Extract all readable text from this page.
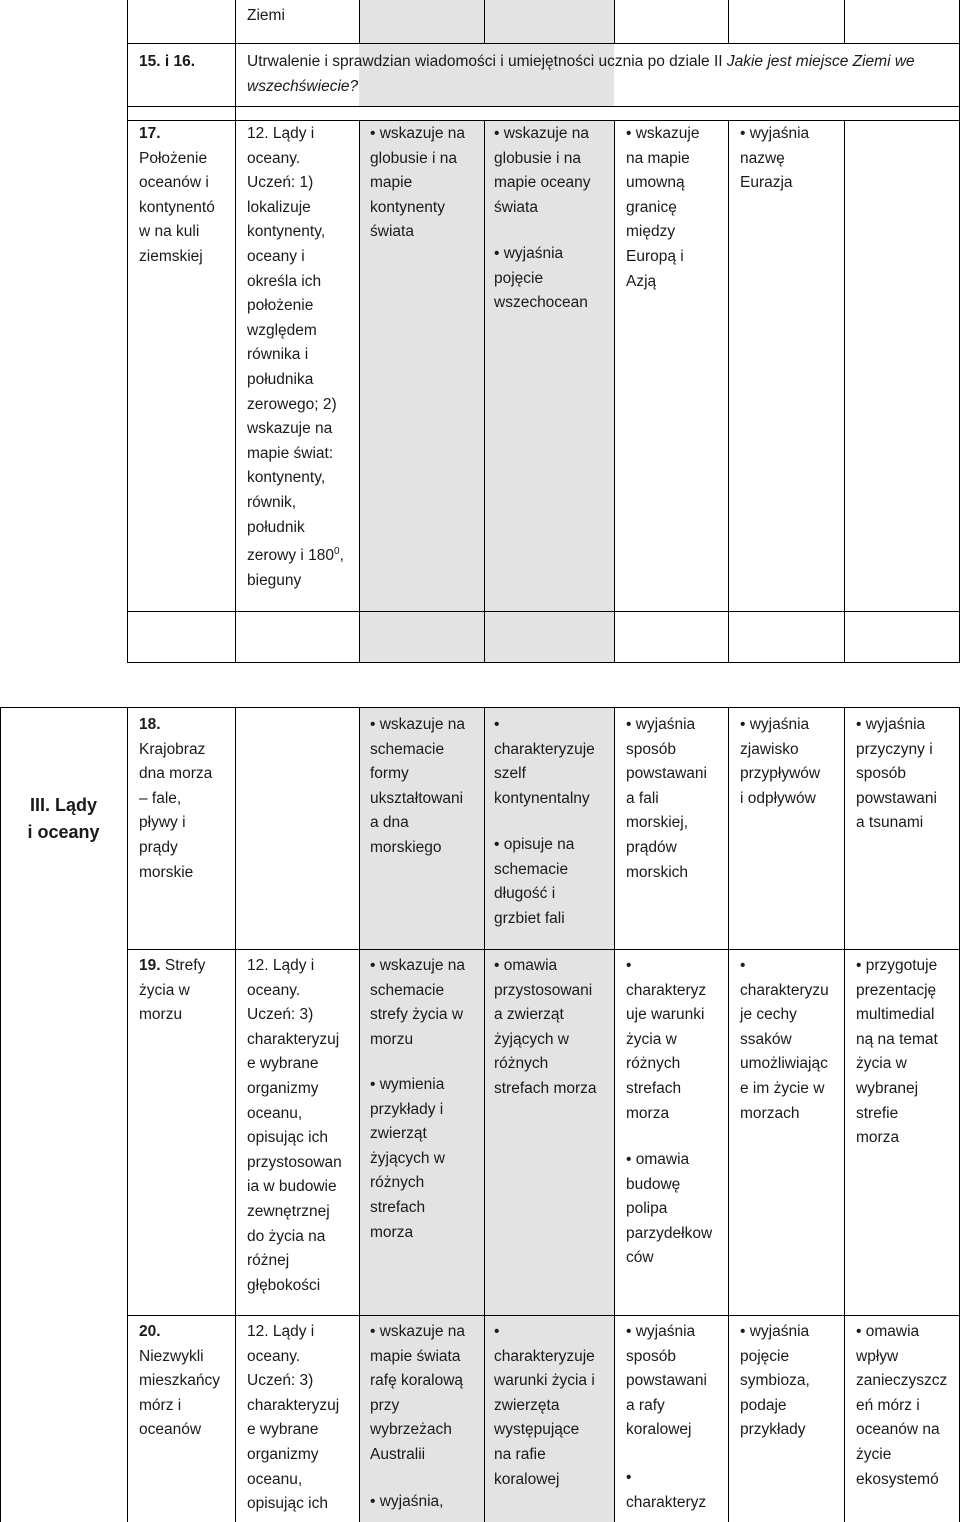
Ziemi
15. i 16.	Utrwalenie i sprawdzian wiadomości i umiejętności ucznia po dziale II Jakie jest miejsce Ziemi we
wszechświecie?
17.
Położenie
oceanów i
kontynentó
w na kuli
ziemskiej
12. Lądy i
oceany.
Uczeń: 1)
lokalizuje
kontynenty,
oceany i
określa ich
położenie
względem
równika i
południka
zerowego; 2)
wskazuje na
mapie świat:
kontynenty,
równik,
południk
zerowy i $180^0$,
bieguny
• wskazuje na
globusie i na
mapie
kontynenty
świata
• wskazuje na
globusie i na
mapie oceany
świata
• wyjaśnia
pojęcie
wszechocean
• wskazuje
na mapie
umowną
granicę
między
Europą i
Azją
• wyjaśnia
nazwę
Eurazja
III. Lądy
i oceany
18.
Krajobraz
dna morza
– fale,
pływy i
prądy
morskie
• wskazuje na
schemacie
formy
ukształtowani
a dna
morskiego
•
charakteryzuje
szelf
kontynentalny
• opisuje na
schemacie
długość i
grzbiet fali
• wyjaśnia
sposób
powstawani
a fali
morskiej,
prądów
morskich
• wyjaśnia
zjawisko
przypływów
i odpływów
• wyjaśnia
przyczyny i
sposób
powstawani
a tsunami
19. Strefy
życia w
morzu
12. Lądy i
oceany.
Uczeń: 3)
charakteryzuj
e wybrane
organizmy
oceanu,
opisując ich
przystosowan
ia w budowie
zewnętrznej
do życia na
różnej
głębokości
• wskazuje na
schemacie
strefy życia w
morzu
• wymienia
przykłady i
zwierząt
żyjących w
różnych
strefach
morza
• omawia
przystosowani
a zwierząt
żyjących w
różnych
strefach morza
•
charakteryz
uje warunki
życia w
różnych
strefach
morza
• omawia
budowę
polipa
parzydełkow
ców
•
charakteryzu
je cechy
ssaków
umożliwiając
e im życie w
morzach
• przygotuje
prezentację
multimedial
ną na temat
życia w
wybranej
strefie
morza
20.
Niezwykli
mieszkańcy
mórz i
oceanów
12. Lądy i
oceany.
Uczeń: 3)
charakteryzuj
e wybrane
organizmy
oceanu,
opisując ich
• wskazuje na
mapie świata
rafę koralową
przy
wybrzeżach
Australii
• wyjaśnia,
•
charakteryzuje
warunki życia i
zwierzęta
występujące
na rafie
koralowej
• wyjaśnia
sposób
powstawani
a rafy
koralowej
•
charakteryz
• wyjaśnia
pojęcie
symbioza,
podaje
przykłady
• omawia
wpływ
zanieczyszcz
eń mórz i
oceanów na
życie
ekosystemó
